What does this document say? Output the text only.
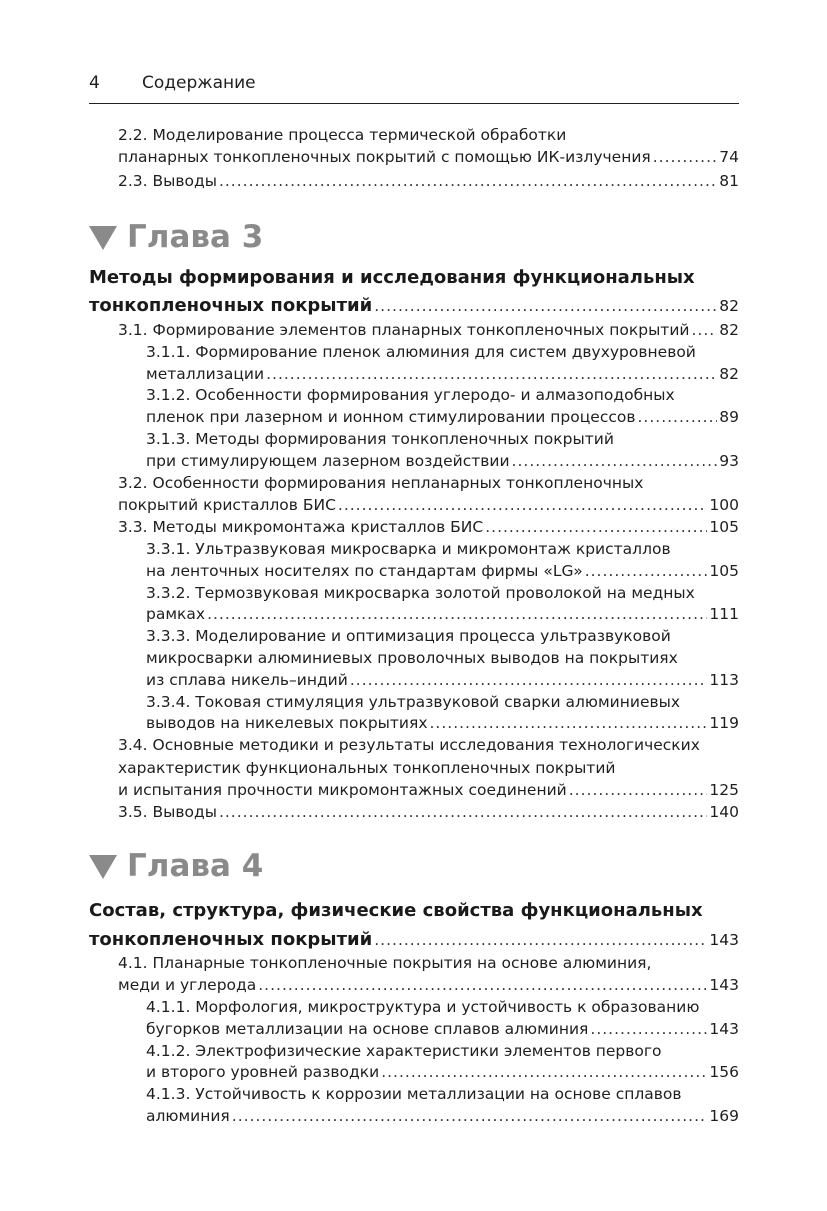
4 Содержание
2.2. Моделирование процесса термической обработки
планарных тонкопленочных покрытий с помощью ИК-излучения .....	74
2.3. Выводы .....	81
Глава 3
Методы формирования и исследования функциональных
тонкопленочных покрытий .....	82
3.1. Формирование элементов планарных тонкопленочных покрытий ..... 82
3.1.1. Формирование пленок алюминия для систем двухуровневой
металлизации .....	82
3.1.2. Особенности формирования углеродо- и алмазоподобных
пленок при лазерном и ионном стимулировании процессов .....	89
3.1.3. Методы формирования тонкопленочных покрытий
при стимулирующем лазерном воздействии .....	93
3.2. Особенности формирования непланарных тонкопленочных
покрытий кристаллов БИС .....	100
3.3. Методы микромонтажа кристаллов БИС .....	105
3.3.1. Ультразвуковая микросварка и микромонтаж кристаллов
на ленточных носителях по стандартам фирмы «LG» .....	105
3.3.2. Термозвуковая микросварка золотой проволокой на медных
рамках .....	111
3.3.3. Моделирование и оптимизация процесса ультразвуковой
микросварки алюминиевых проволочных выводов на покрытиях
из сплава никель–индий .....	113
3.3.4. Токовая стимуляция ультразвуковой сварки алюминиевых
выводов на никелевых покрытиях .....	119
3.4. Основные методики и результаты исследования технологических
характеристик функциональных тонкопленочных покрытий
и испытания прочности микромонтажных соединений .....	125
3.5. Выводы .....	140
Глава 4
Состав, структура, физические свойства функциональных
тонкопленочных покрытий .....	143
4.1. Планарные тонкопленочные покрытия на основе алюминия,
меди и углерода .....	143
4.1.1. Морфология, микроструктура и устойчивость к образованию
бугорков металлизации на основе сплавов алюминия .....	143
4.1.2. Электрофизические характеристики элементов первого
и второго уровней разводки .....	156
4.1.3. Устойчивость к коррозии металлизации на основе сплавов
алюминия .....	169
